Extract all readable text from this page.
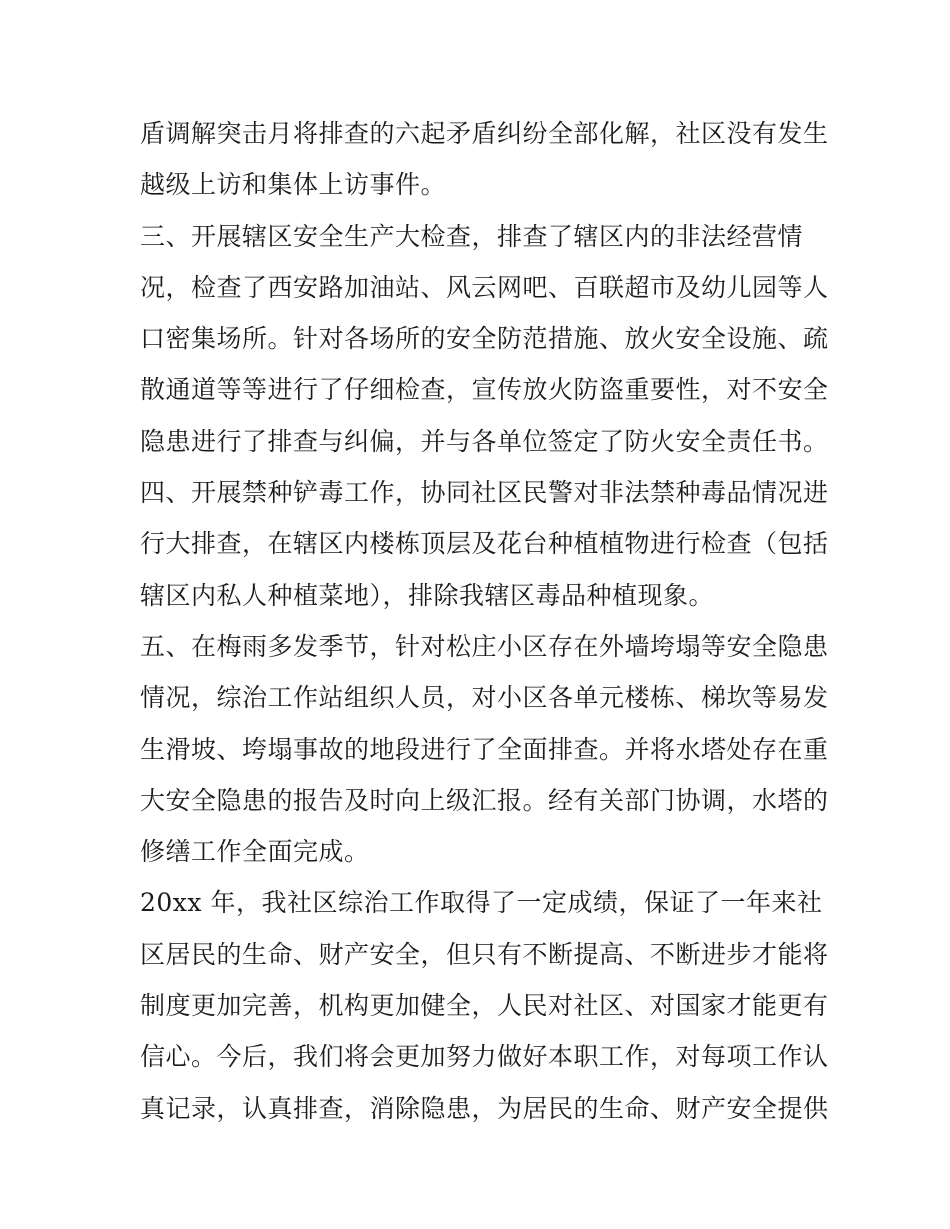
盾调解突击月将排查的六起矛盾纠纷全部化解，社区没有发生
越级上访和集体上访事件。
三、开展辖区安全生产大检查，排查了辖区内的非法经营情
况，检查了西安路加油站、风云网吧、百联超市及幼儿园等人
口密集场所。针对各场所的安全防范措施、放火安全设施、疏
散通道等等进行了仔细检查，宣传放火防盗重要性，对不安全
隐患进行了排查与纠偏，并与各单位签定了防火安全责任书。
四、开展禁种铲毒工作，协同社区民警对非法禁种毒品情况进
行大排查，在辖区内楼栋顶层及花台种植植物进行检查（包括
辖区内私人种植菜地），排除我辖区毒品种植现象。
五、在梅雨多发季节，针对松庄小区存在外墙垮塌等安全隐患
情况，综治工作站组织人员，对小区各单元楼栋、梯坎等易发
生滑坡、垮塌事故的地段进行了全面排查。并将水塔处存在重
大安全隐患的报告及时向上级汇报。经有关部门协调，水塔的
修缮工作全面完成。
20xx 年，我社区综治工作取得了一定成绩，保证了一年来社
区居民的生命、财产安全，但只有不断提高、不断进步才能将
制度更加完善，机构更加健全，人民对社区、对国家才能更有
信心。今后，我们将会更加努力做好本职工作，对每项工作认
真记录，认真排查，消除隐患，为居民的生命、财产安全提供
